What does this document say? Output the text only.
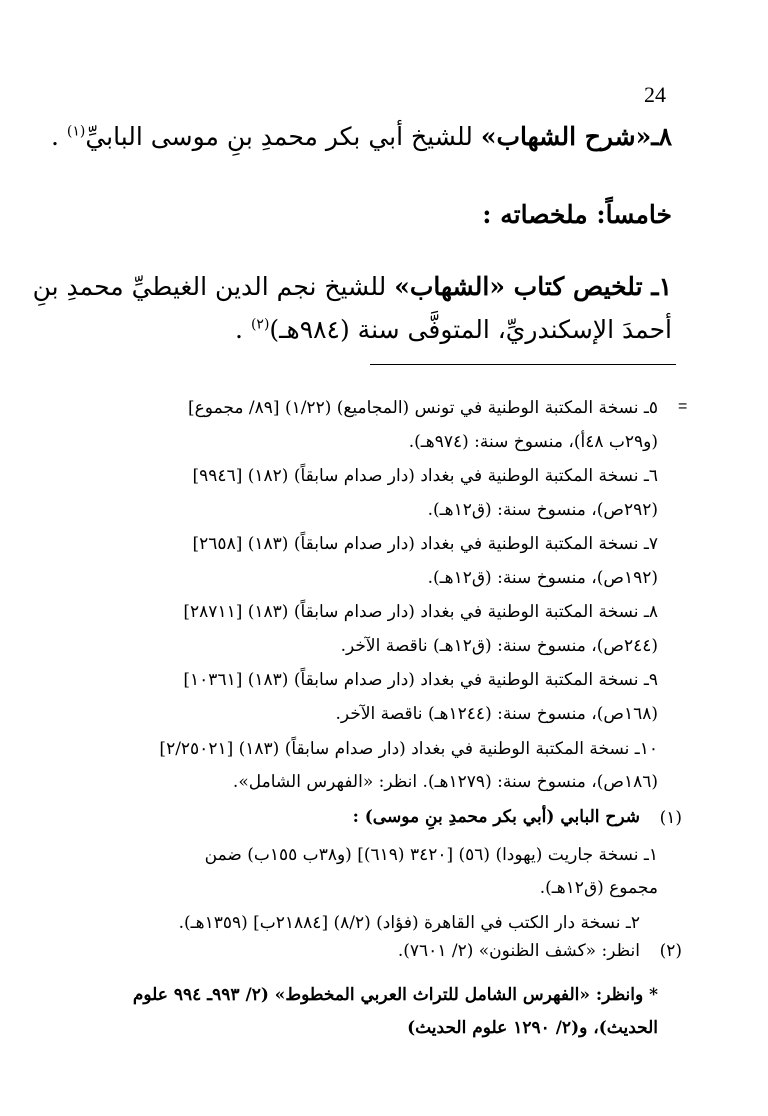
24
٨ـ«شرح الشهاب» للشيخ أبي بكر محمدِ بنِ موسى البابيِّ$^{(١)}$ .
خامساً: ملخصاته :
١ـ تلخيص كتاب «الشهاب» للشيخ نجم الدين الغيطيِّ محمدِ بنِ
أحمدَ الإسكندريِّ، المتوفَّى سنة (٩٨٤هـ)$^{(٢)}$ .
=
٥ـ نسخة المكتبة الوطنية في تونس (المجاميع) (١/٢٢) [٨٩/ مجموع]
(و٢٩ب ٤٨أ)، منسوخ سنة: (٩٧٤هـ).
٦ـ نسخة المكتبة الوطنية في بغداد (دار صدام سابقاً) (١٨٢) [٩٩٤٦]
(٢٩٢ص)، منسوخ سنة: (ق١٢هـ).
٧ـ نسخة المكتبة الوطنية في بغداد (دار صدام سابقاً) (١٨٣) [٢٦٥٨]
(١٩٢ص)، منسوخ سنة: (ق١٢هـ).
٨ـ نسخة المكتبة الوطنية في بغداد (دار صدام سابقاً) (١٨٣) [٢٨٧١١]
(٢٤٤ص)، منسوخ سنة: (ق١٢هـ) ناقصة الآخر.
٩ـ نسخة المكتبة الوطنية في بغداد (دار صدام سابقاً) (١٨٣) [١٠٣٦١]
(١٦٨ص)، منسوخ سنة: (١٢٤٤هـ) ناقصة الآخر.
١٠ـ نسخة المكتبة الوطنية في بغداد (دار صدام سابقاً) (١٨٣) [٢/٢٥٠٢١]
(١٨٦ص)، منسوخ سنة: (١٢٧٩هـ). انظر: «الفهرس الشامل».
شرح البابي (أبي بكر محمدِ بنِ موسى) :
١ـ نسخة جاريت (يهودا) (٥٦) [٣٤٢٠ (٦١٩)] (و٣٨ب ١٥٥ب) ضمن
مجموع (ق١٢هـ).
٢ـ نسخة دار الكتب في القاهرة (فؤاد) (٨/٢) [٢١٨٨٤ب] (١٣٥٩هـ).
انظر: «كشف الظنون» (٢/ ٧٦٠١).
* وانظر: «الفهرس الشامل للتراث العربي المخطوط» (٢/ ٩٩٣ـ ٩٩٤ علوم
الحديث)، و(٢/ ١٢٩٠ علوم الحديث)
(١)
(٢)
